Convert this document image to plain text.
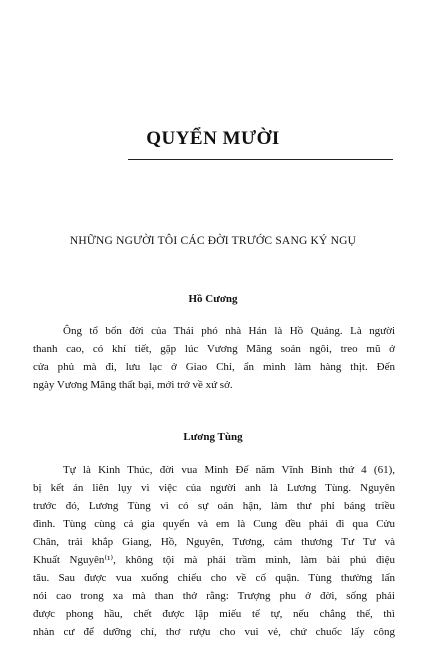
QUYỂN MƯỜI
NHỮNG NGƯỜI TÔI CÁC ĐỜI TRƯỚC SANG KÝ NGỤ
Hồ Cương
Ông tổ bốn đời của Thái phó nhà Hán là Hồ Quảng. Là người
thanh cao, có khí tiết, gặp lúc Vương Mãng soán ngôi, treo mũ ở
cửa phủ mà đi, lưu lạc ở Giao Chỉ, ẩn mình làm hàng thịt. Đến
ngày Vương Mãng thất bại, mới trở về xứ sở.
Lương Tùng
Tự là Kinh Thúc, đời vua Minh Đế năm Vĩnh Bình thứ 4 (61),
bị kết án liên lụy vì việc của người anh là Lương Tùng. Nguyên
trước đó, Lương Tùng vì có sự oán hận, làm thư phỉ báng triều
đình. Tùng cùng cả gia quyến và em là Cung đều phải đi qua Cửu
Chân, trải khắp Giang, Hồ, Nguyên, Tương, cảm thương Tư Tư và
Khuất Nguyên⁽¹⁾, không tội mà phải trầm mình, làm bài phú điệu
tâu. Sau được vua xuống chiếu cho về cố quận. Tùng thường lấn
nói cao trong xa mà than thở rằng: Trượng phu ở đời, sống phải
được phong hầu, chết được lập miếu tế tự, nếu chẳng thế, thì
nhàn cư để dưỡng chí, thơ rượu cho vui vẻ, chứ chuốc lấy công
